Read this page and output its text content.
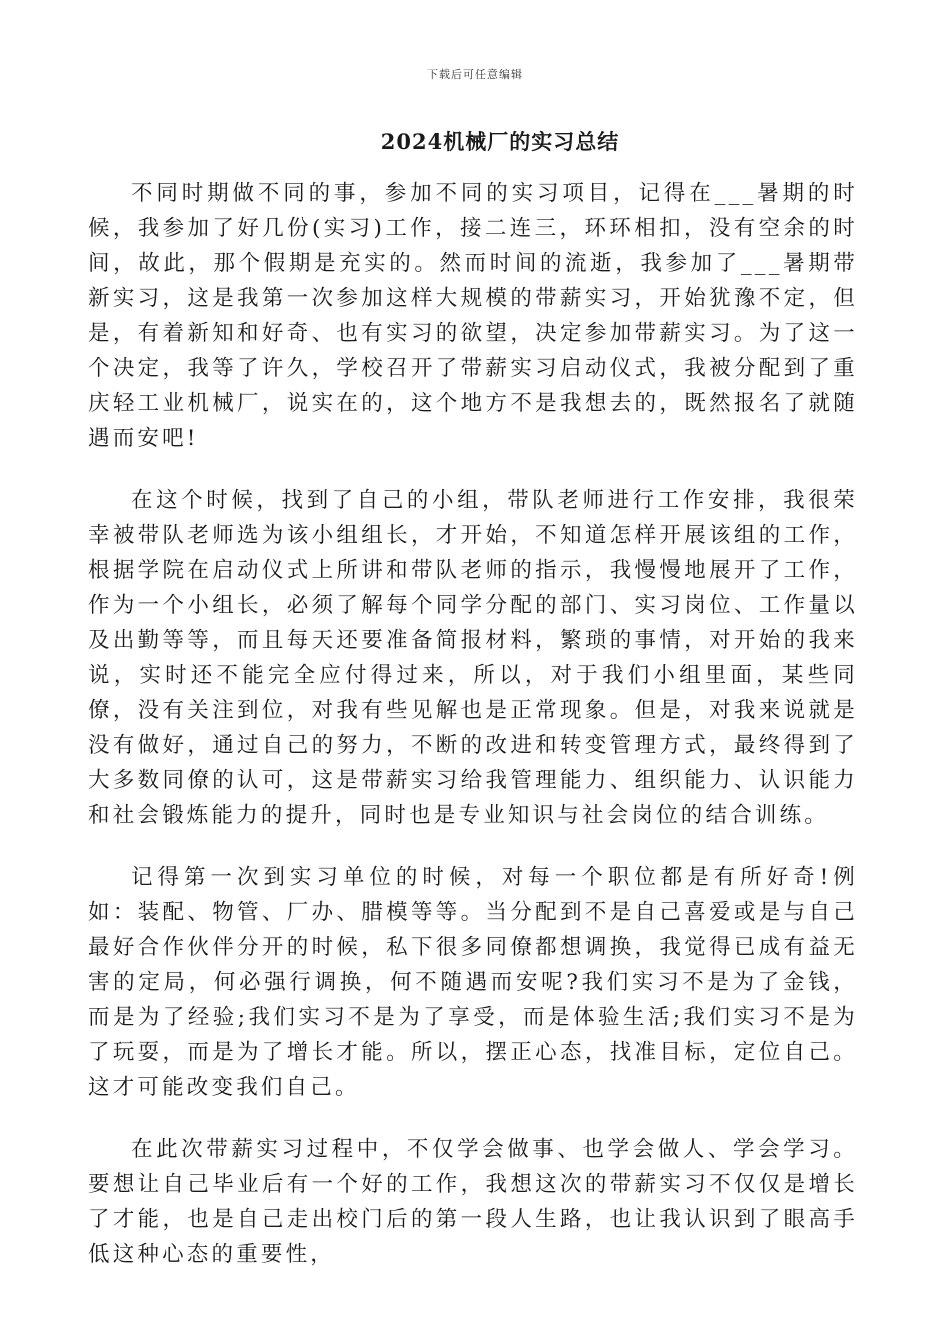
下载后可任意编辑
2024机械厂的实习总结

不同时期做不同的事，参加不同的实习项目，记得在___暑期的时候，我参加了好几份(实习)工作，接二连三，环环相扣，没有空余的时间，故此，那个假期是充实的。然而时间的流逝，我参加了___暑期带新实习，这是我第一次参加这样大规模的带薪实习，开始犹豫不定，但是，有着新知和好奇、也有实习的欲望，决定参加带薪实习。为了这一个决定，我等了许久，学校召开了带薪实习启动仪式，我被分配到了重庆轻工业机械厂，说实在的，这个地方不是我想去的，既然报名了就随遇而安吧!

在这个时候，找到了自己的小组，带队老师进行工作安排，我很荣幸被带队老师选为该小组组长，才开始，不知道怎样开展该组的工作，根据学院在启动仪式上所讲和带队老师的指示，我慢慢地展开了工作，作为一个小组长，必须了解每个同学分配的部门、实习岗位、工作量以及出勤等等，而且每天还要准备简报材料，繁琐的事情，对开始的我来说，实时还不能完全应付得过来，所以，对于我们小组里面，某些同僚，没有关注到位，对我有些见解也是正常现象。但是，对我来说就是没有做好，通过自己的努力，不断的改进和转变管理方式，最终得到了大多数同僚的认可，这是带薪实习给我管理能力、组织能力、认识能力和社会锻炼能力的提升，同时也是专业知识与社会岗位的结合训练。

记得第一次到实习单位的时候，对每一个职位都是有所好奇!例如：装配、物管、厂办、腊模等等。当分配到不是自己喜爱或是与自己最好合作伙伴分开的时候，私下很多同僚都想调换，我觉得已成有益无害的定局，何必强行调换，何不随遇而安呢?我们实习不是为了金钱，而是为了经验;我们实习不是为了享受，而是体验生活;我们实习不是为了玩耍，而是为了增长才能。所以，摆正心态，找准目标，定位自己。这才可能改变我们自己。

在此次带薪实习过程中，不仅学会做事、也学会做人、学会学习。要想让自己毕业后有一个好的工作，我想这次的带薪实习不仅仅是增长了才能，也是自己走出校门后的第一段人生路，也让我认识到了眼高手低这种心态的重要性，
